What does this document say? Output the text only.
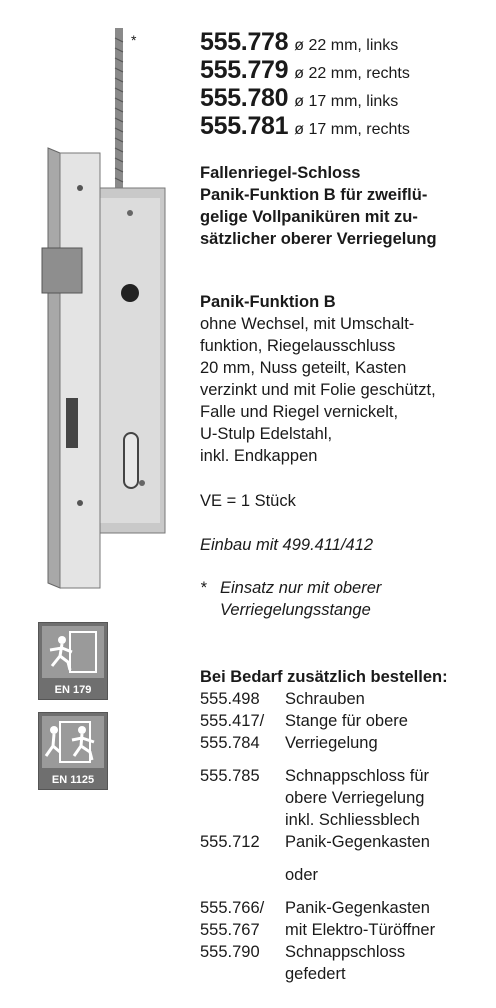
*	555.778 ø 22 mm, links
555.779 ø 22 mm, rechts
555.780 ø 17 mm, links
555.781 ø 17 mm, rechts
Fallenriegel-Schloss
Panik-Funktion B für zweiflü-
gelige Vollpaniküren mit zu-
sätzlicher oberer Verriegelung
Panik-Funktion B
ohne Wechsel, mit Umschalt-
funktion, Riegelausschluss
20 mm, Nuss geteilt, Kasten
verzinkt und mit Folie geschützt,
Falle und Riegel vernickelt,
U-Stulp Edelstahl,
inkl. Endkappen
VE = 1 Stück
Einbau mit 499.411/412
* Einsatz nur mit oberer
Verriegelungsstange
EN 179
EN 1125
Bei Bedarf zusätzlich bestellen:
555.498 Schrauben
555.417/ Stange für obere
555.784 Verriegelung
555.785 Schnappschloss für
obere Verriegelung
inkl. Schliessblech
555.712 Panik-Gegenkasten
oder
555.766/ Panik-Gegenkasten
555.767 mit Elektro-Türöffner
555.790 Schnappschloss
gefedert
